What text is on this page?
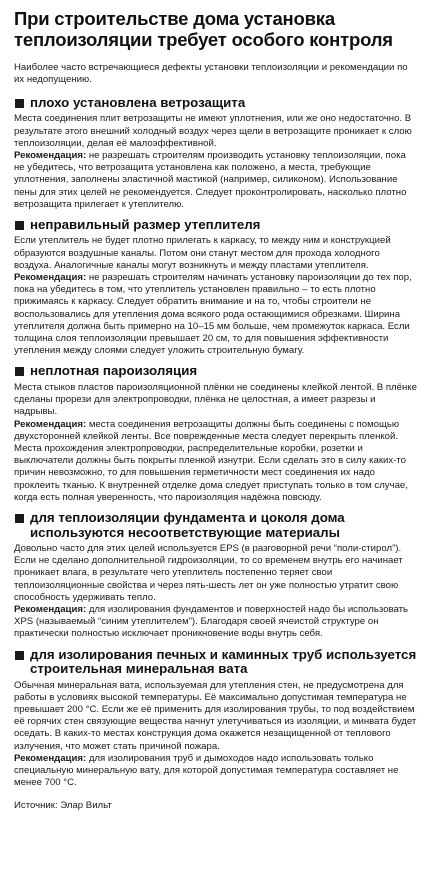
При строительстве дома установка теплоизоляции требует особого контроля

Наиболее часто встречающиеся дефекты установки теплоизоляции и рекомендации по их недопущению.

плохо установлена ветрозащита

Места соединения плит ветрозащиты не имеют уплотнения, или же оно недостаточно. В результате этого внешний холодный воздух через щели в ветрозащите проникает к слою теплоизоляции, делая её малоэффективной.

Рекомендация: не разрешать строителям производить установку теплоизоляции, пока не убедитесь, что ветрозащита установлена как положено, а места, требующие уплотнения, заполнены эластичной мастикой (например, силиконом). Использование пены для этих целей не рекомендуется. Следует проконтролировать, насколько плотно ветрозащита прилегает к утеплителю.

неправильный размер утеплителя

Если утеплитель не будет плотно прилегать к каркасу, то между ним и конструкцией образуются воздушные каналы. Потом они станут местом для прохода холодного воздуха. Аналогичные каналы могут возникнуть и между пластами утеплителя.

Рекомендация: не разрешать строителям начинать установку пароизоляции до тех пор, пока на убедитесь в том, что утеплитель установлен правильно – то есть плотно прижимаясь к каркасу. Следует обратить внимание и на то, чтобы строители не воспользовались для утепления дома всякого рода остающимися обрезками. Ширина утеплителя должна быть примерно на 10–15 мм больше, чем промежуток каркаса. Если толщина слоя теплоизоляции превышает 20 см, то для повышения эффективности утепления между слоями следует уложить строительную бумагу.

неплотная пароизоляция

Места стыков пластов пароизоляционной плёнки не соединены клейкой лентой. В плёнке сделаны прорези для электропроводки, плёнка не целостная, а имеет разрезы и надрывы.

Рекомендация: места соединения ветрозащиты должны быть соединены с помощью двухсторонней клейкой ленты. Все поврежденные места следует перекрыть пленкой. Места прохождения электропроводки, распределительные коробки, розетки и выключатели должны быть покрыты пленкой изнутри. Если сделать это в силу каких-то причин невозможно, то для повышения герметичности мест соединения их надо проклеить тканью. К внутренней отделке дома следует приступать только в том случае, когда есть полная уверенность, что пароизоляция надёжна повсюду.

для теплоизоляции фундамента и цоколя дома используются несоответствующие материалы

Довольно часто для этих целей используется EPS (в разговорной речи “поли-стирол”). Если не сделано дополнительной гидроизоляции, то со временем внутрь его начинает проникает влага, в результате чего утеплитель постепенно теряет свои теплоизоляционные свойства и через пять-шесть лет он уже полностью утратит свою способность удерживать тепло.

Рекомендация: для изолирования фундаментов и поверхностей надо бы использовать XPS (называемый “синим утеплителем”). Благодаря своей ячеистой структуре он практически полностью исключает проникновение воды внутрь себя.

для изолирования печных и каминных труб используется строительная минеральная вата

Обычная минеральная вата, используемая для утепления стен, не предусмотрена для работы в условиях высокой температуры. Её максимально допустимая температура не превышает 200 °C. Если же её применить для изолирования трубы, то под воздействием её горячих стен связующие вещества начнут улетучиваться из изоляции, и минвата будет оседать. В каких-то местах конструкция дома окажется незащищенной от теплового излучения, что может стать причиной пожара.

Рекомендация: для изолирования труб и дымоходов надо использовать только специальную минеральную вату, для которой допустимая температура составляет не менее 700 °C.

Источник: Элар Вильт
